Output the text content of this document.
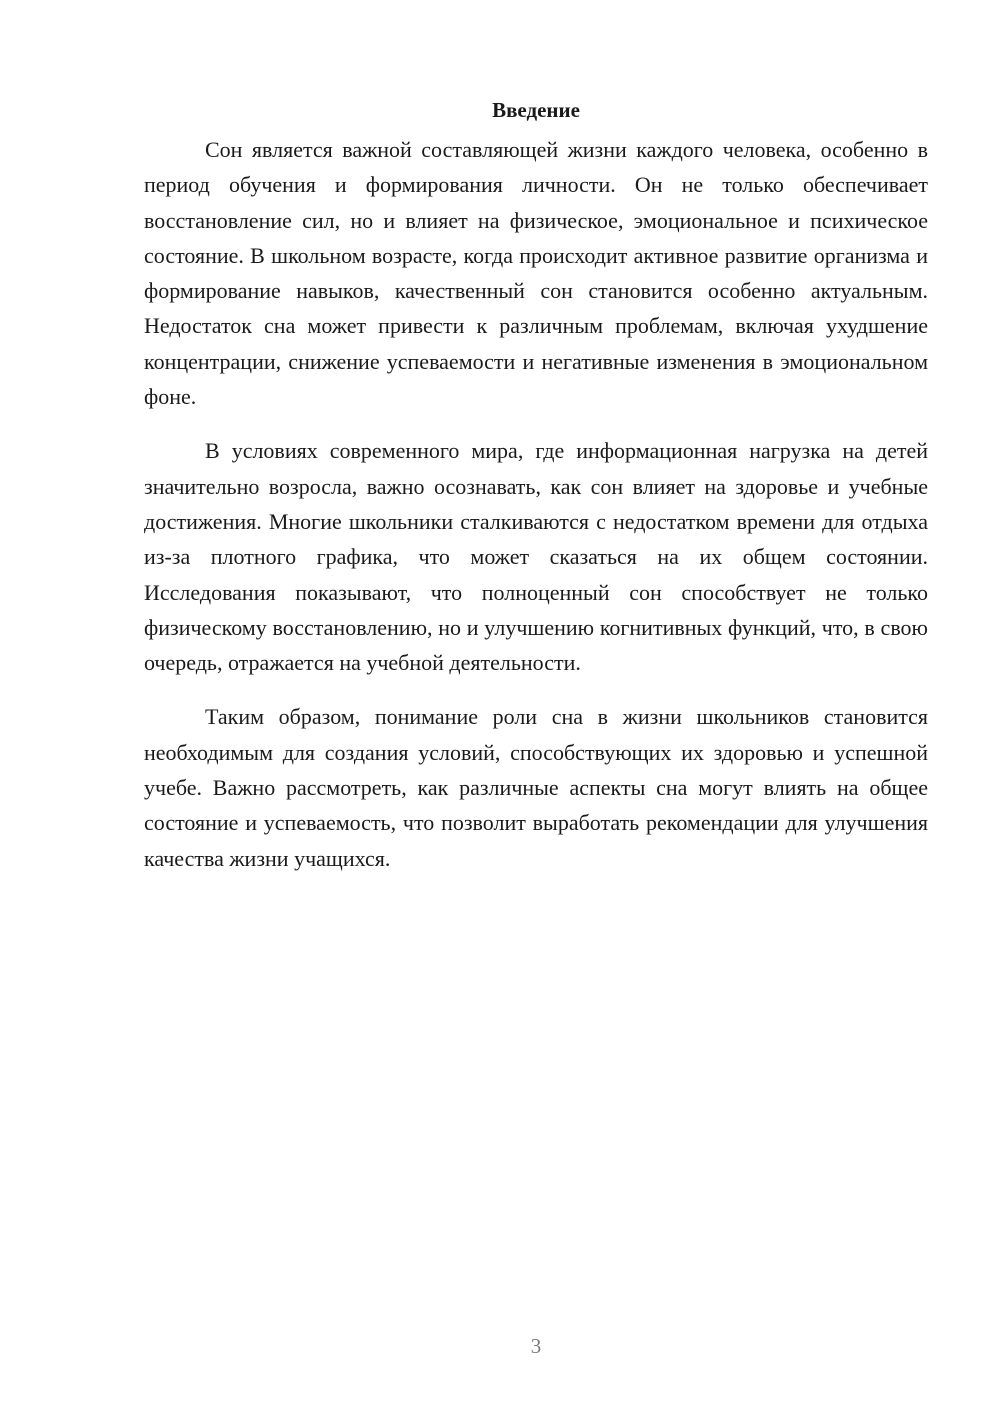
Введение

Сон является важной составляющей жизни каждого человека, особенно в период обучения и формирования личности. Он не только обеспечивает восстановление сил, но и влияет на физическое, эмоциональное и психическое состояние. В школьном возрасте, когда происходит активное развитие организма и формирование навыков, качественный сон становится особенно актуальным. Недостаток сна может привести к различным проблемам, включая ухудшение концентрации, снижение успеваемости и негативные изменения в эмоциональном фоне.

В условиях современного мира, где информационная нагрузка на детей значительно возросла, важно осознавать, как сон влияет на здоровье и учебные достижения. Многие школьники сталкиваются с недостатком времени для отдыха из-за плотного графика, что может сказаться на их общем состоянии. Исследования показывают, что полноценный сон способствует не только физическому восстановлению, но и улучшению когнитивных функций, что, в свою очередь, отражается на учебной деятельности.

Таким образом, понимание роли сна в жизни школьников становится необходимым для создания условий, способствующих их здоровью и успешной учебе. Важно рассмотреть, как различные аспекты сна могут влиять на общее состояние и успеваемость, что позволит выработать рекомендации для улучшения качества жизни учащихся.

3
